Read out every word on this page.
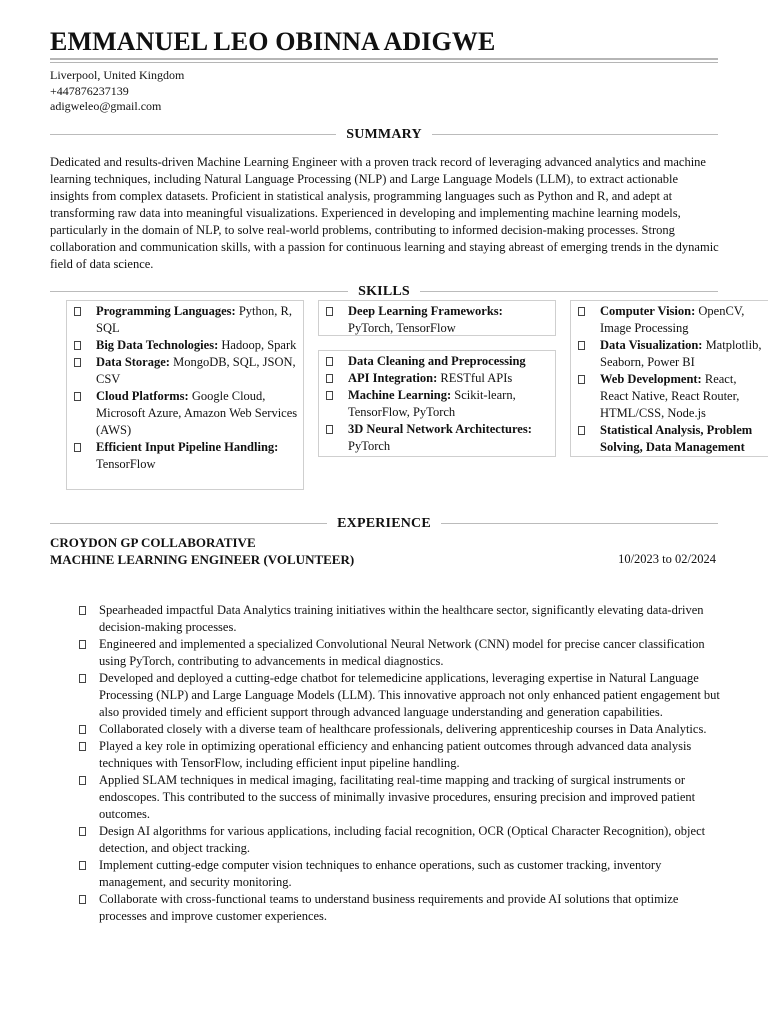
EMMANUEL LEO OBINNA ADIGWE
Liverpool, United Kingdom
+447876237139
adigweleo@gmail.com
SUMMARY
Dedicated and results-driven Machine Learning Engineer with a proven track record of leveraging advanced analytics and machine learning techniques, including Natural Language Processing (NLP) and Large Language Models (LLM), to extract actionable insights from complex datasets. Proficient in statistical analysis, programming languages such as Python and R, and adept at transforming raw data into meaningful visualizations. Experienced in developing and implementing machine learning models, particularly in the domain of NLP, to solve real-world problems, contributing to informed decision-making processes. Strong collaboration and communication skills, with a passion for continuous learning and staying abreast of emerging trends in the dynamic field of data science.
SKILLS
Programming Languages: Python, R, SQL
Big Data Technologies: Hadoop, Spark
Data Storage: MongoDB, SQL, JSON, CSV
Cloud Platforms: Google Cloud, Microsoft Azure, Amazon Web Services (AWS)
Efficient Input Pipeline Handling: TensorFlow
Deep Learning Frameworks: PyTorch, TensorFlow
Data Cleaning and Preprocessing
API Integration: RESTful APIs
Machine Learning: Scikit-learn, TensorFlow, PyTorch
3D Neural Network Architectures: PyTorch
Computer Vision: OpenCV, Image Processing
Data Visualization: Matplotlib, Seaborn, Power BI
Web Development: React, React Native, React Router, HTML/CSS, Node.js
Statistical Analysis, Problem Solving, Data Management
EXPERIENCE
CROYDON GP COLLABORATIVE
MACHINE LEARNING ENGINEER (VOLUNTEER)	10/2023 to 02/2024
Spearheaded impactful Data Analytics training initiatives within the healthcare sector, significantly elevating data-driven decision-making processes.
Engineered and implemented a specialized Convolutional Neural Network (CNN) model for precise cancer classification using PyTorch, contributing to advancements in medical diagnostics.
Developed and deployed a cutting-edge chatbot for telemedicine applications, leveraging expertise in Natural Language Processing (NLP) and Large Language Models (LLM). This innovative approach not only enhanced patient engagement but also provided timely and efficient support through advanced language understanding and generation capabilities.
Collaborated closely with a diverse team of healthcare professionals, delivering apprenticeship courses in Data Analytics.
Played a key role in optimizing operational efficiency and enhancing patient outcomes through advanced data analysis techniques with TensorFlow, including efficient input pipeline handling.
Applied SLAM techniques in medical imaging, facilitating real-time mapping and tracking of surgical instruments or endoscopes. This contributed to the success of minimally invasive procedures, ensuring precision and improved patient outcomes.
Design AI algorithms for various applications, including facial recognition, OCR (Optical Character Recognition), object detection, and object tracking.
Implement cutting-edge computer vision techniques to enhance operations, such as customer tracking, inventory management, and security monitoring.
Collaborate with cross-functional teams to understand business requirements and provide AI solutions that optimize processes and improve customer experiences.
